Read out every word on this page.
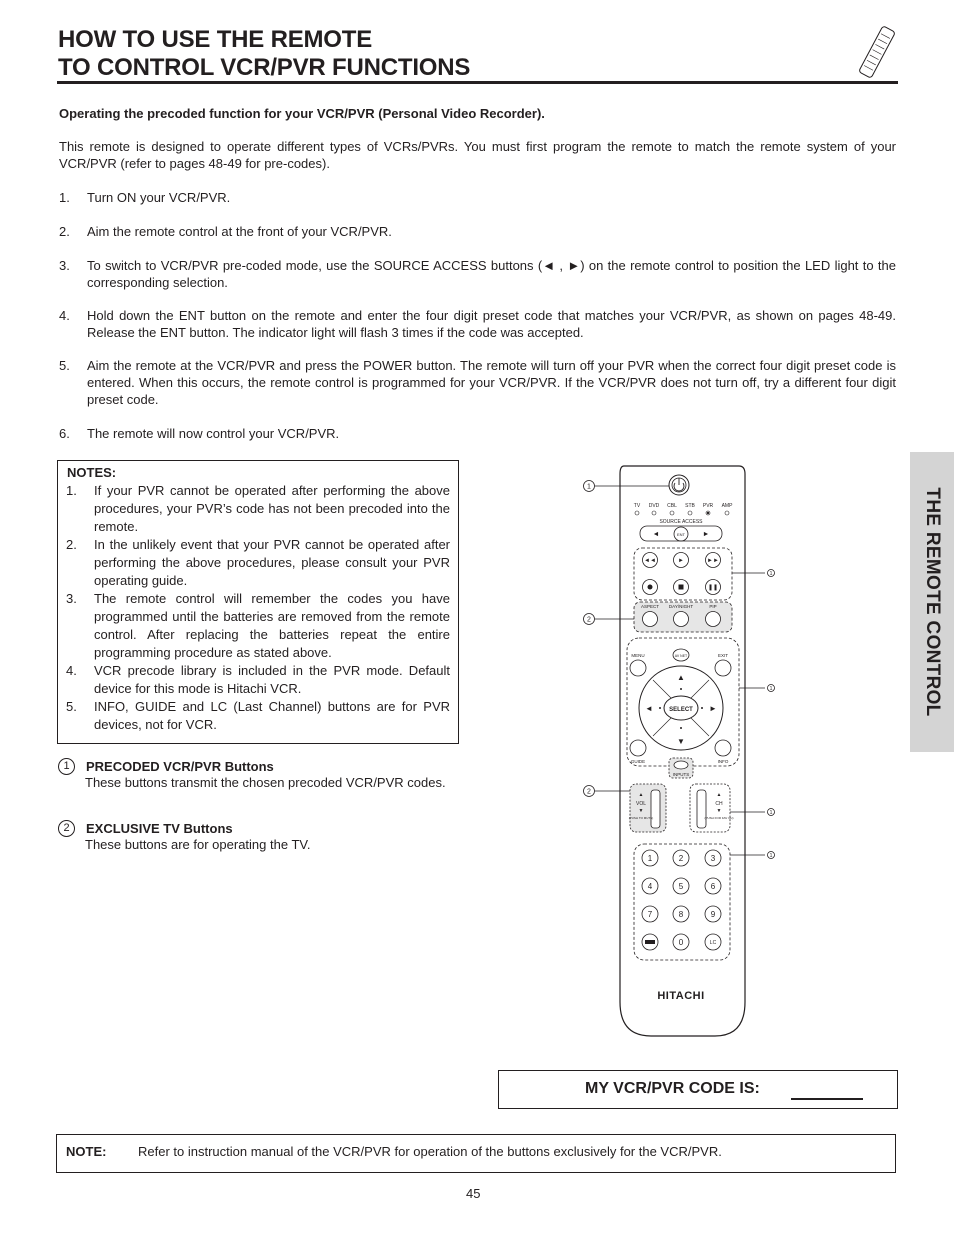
HOW TO USE THE REMOTE
TO CONTROL VCR/PVR FUNCTIONS
THE REMOTE CONTROL
Operating the precoded function for your VCR/PVR (Personal Video Recorder).
This remote is designed to operate different types of VCRs/PVRs. You must first program the remote to match the remote system of your VCR/PVR (refer to pages 48-49 for pre-codes).
1. Turn ON your VCR/PVR.
2. Aim the remote control at the front of your VCR/PVR.
3. To switch to VCR/PVR pre-coded mode, use the SOURCE ACCESS buttons (◄ , ►) on the remote control to position the LED light to the corresponding selection.
4. Hold down the ENT button on the remote and enter the four digit preset code that matches your VCR/PVR, as shown on pages 48-49. Release the ENT button. The indicator light will flash 3 times if the code was accepted.
5. Aim the remote at the VCR/PVR and press the POWER button. The remote will turn off your PVR when the correct four digit preset code is entered. When this occurs, the remote control is programmed for your VCR/PVR. If the VCR/PVR does not turn off, try a different four digit preset code.
6. The remote will now control your VCR/PVR.
NOTES:
1. If your PVR cannot be operated after performing the above procedures, your PVR’s code has not been precoded into the remote.
2. In the unlikely event that your PVR cannot be operated after performing the above procedures, please consult your PVR operating guide.
3. The remote control will remember the codes you have programmed until the batteries are removed from the remote control. After replacing the batteries repeat the entire programming procedure as stated above.
4. VCR precode library is included in the PVR mode. Default device for this mode is Hitachi VCR.
5. INFO, GUIDE and LC (Last Channel) buttons are for PVR devices, not for VCR.
1	PRECODED VCR/PVR Buttons
These buttons transmit the chosen precoded VCR/PVR codes.
2	EXCLUSIVE TV Buttons
These buttons are for operating the TV.
TV DVD CBL STB PVR AMP
SOURCE ACCESS
◄	ENT	►
◄◄	►	►►
❚❚
ASPECT DAY/NIGHT	PIP
MENU	EXIT
AV NET
SELECT
▲
▼
◄	►
GUIDE	INFO
INPUTS
▲
VOL
▼
(PUSH TO MUTE)
▲
CH
▼
(PUSH FOR FAV CH)
1	2	3
4	5	6
7	8	9
0	LC
HITACHI
1
2
1
1
2
1
1
MY VCR/PVR CODE IS:
NOTE: Refer to instruction manual of the VCR/PVR for operation of the buttons exclusively for the VCR/PVR.
45
